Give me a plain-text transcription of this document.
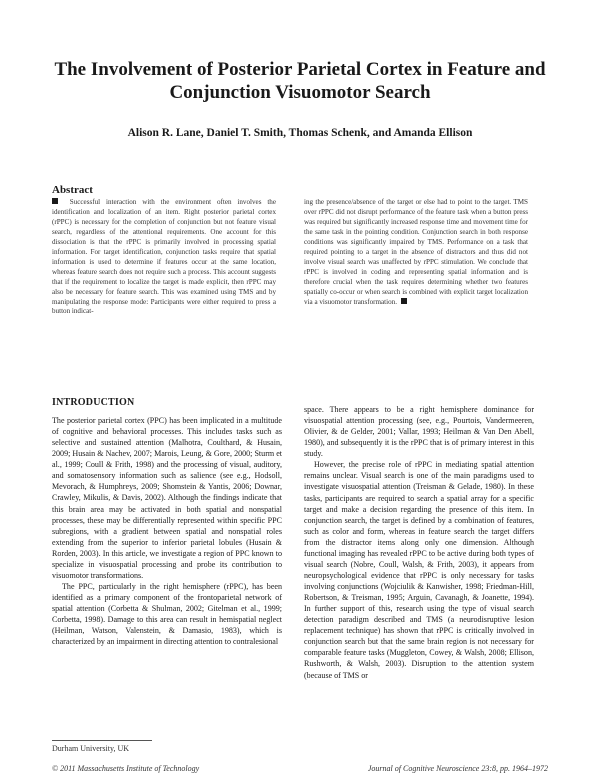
The Involvement of Posterior Parietal Cortex in Feature and Conjunction Visuomotor Search

Alison R. Lane, Daniel T. Smith, Thomas Schenk, and Amanda Ellison

Abstract

Successful interaction with the environment often involves the identification and localization of an item. Right posterior parietal cortex (rPPC) is necessary for the completion of conjunction but not feature visual search, regardless of the attentional requirements. One account for this dissociation is that the rPPC is primarily involved in processing spatial information. For target identification, conjunction tasks require that spatial information is used to determine if features occur at the same location, whereas feature search does not require such a process. This account suggests that if the requirement to localize the target is made explicit, then rPPC may also be necessary for feature search. This was examined using TMS and by manipulating the response mode: Participants were either required to press a button indicat-

ing the presence/absence of the target or else had to point to the target. TMS over rPPC did not disrupt performance of the feature task when a button press was required but significantly increased response time and movement time for the same task in the pointing condition. Conjunction search in both response conditions was significantly impaired by TMS. Performance on a task that required pointing to a target in the absence of distractors and thus did not involve visual search was unaffected by rPPC stimulation. We conclude that rPPC is involved in coding and representing spatial information and is therefore crucial when the task requires determining whether two features spatially co-occur or when search is combined with explicit target localization via a visuomotor transformation.

INTRODUCTION

The posterior parietal cortex (PPC) has been implicated in a multitude of cognitive and behavioral processes. This includes tasks such as selective and sustained attention (Malhotra, Coulthard, & Husain, 2009; Husain & Nachev, 2007; Marois, Leung, & Gore, 2000; Sturm et al., 1999; Coull & Frith, 1998) and the processing of visual, auditory, and somatosensory information such as salience (see e.g., Hodsoll, Mevorach, & Humphreys, 2009; Shomstein & Yantis, 2006; Downar, Crawley, Mikulis, & Davis, 2002). Although the findings indicate that this brain area may be activated in both spatial and nonspatial processes, these may be differentially represented within specific PPC subregions, with a gradient between spatial and nonspatial roles extending from the superior to inferior parietal lobules (Husain & Rorden, 2003). In this article, we investigate a region of PPC known to specialize in visuospatial processing and probe its contribution to visuomotor transformations.

The PPC, particularly in the right hemisphere (rPPC), has been identified as a primary component of the frontoparietal network of spatial attention (Corbetta & Shulman, 2002; Gitelman et al., 1999; Corbetta, 1998). Damage to this area can result in hemispatial neglect (Heilman, Watson, Valenstein, & Damasio, 1983), which is characterized by an impairment in directing attention to contralesional

space. There appears to be a right hemisphere dominance for visuospatial attention processing (see, e.g., Pourtois, Vandermeeren, Olivier, & de Gelder, 2001; Vallar, 1993; Heilman & Van Den Abell, 1980), and subsequently it is the rPPC that is of primary interest in this study.

However, the precise role of rPPC in mediating spatial attention remains unclear. Visual search is one of the main paradigms used to investigate visuospatial attention (Treisman & Gelade, 1980). In these tasks, participants are required to search a spatial array for a specific target and make a decision regarding the presence of this item. In conjunction search, the target is defined by a combination of features, such as color and form, whereas in feature search the target differs from the distractor items along only one dimension. Although functional imaging has revealed rPPC to be active during both types of visual search (Nobre, Coull, Walsh, & Frith, 2003), it appears from neuropsychological evidence that rPPC is only necessary for tasks involving conjunctions (Wojciulik & Kanwisher, 1998; Friedman-Hill, Robertson, & Treisman, 1995; Arguin, Cavanagh, & Joanette, 1994). In further support of this, research using the type of visual search detection paradigm described and TMS (a neurodisruptive lesion replacement technique) has shown that rPPC is critically involved in conjunction search but that the same brain region is not necessary for comparable feature tasks (Muggleton, Cowey, & Walsh, 2008; Ellison, Rushworth, & Walsh, 2003). Disruption to the attention system (because of TMS or

Durham University, UK

© 2011 Massachusetts Institute of Technology	Journal of Cognitive Neuroscience 23:8, pp. 1964–1972
